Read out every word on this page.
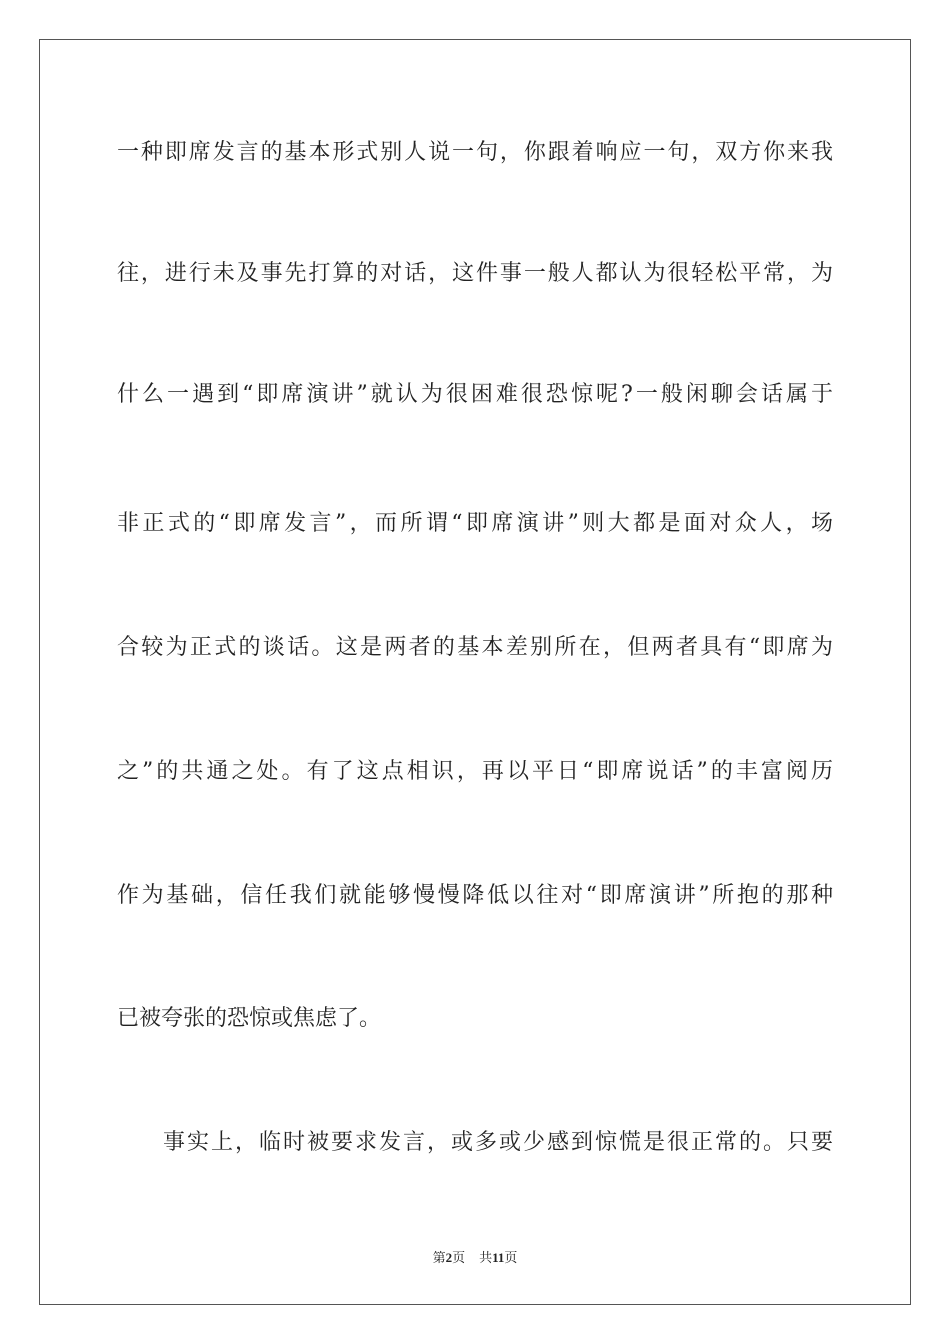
一种即席发言的基本形式别人说一句，你跟着响应一句，双方你来我
往，进行未及事先打算的对话，这件事一般人都认为很轻松平常，为
什么一遇到“即席演讲”就认为很困难很恐惊呢?一般闲聊会话属于
非正式的“即席发言”，而所谓“即席演讲”则大都是面对众人，场
合较为正式的谈话。这是两者的基本差别所在，但两者具有“即席为
之”的共通之处。有了这点相识，再以平日“即席说话”的丰富阅历
作为基础，信任我们就能够慢慢降低以往对“即席演讲”所抱的那种
已被夸张的恐惊或焦虑了。
事实上，临时被要求发言，或多或少感到惊慌是很正常的。只要
第2页 共11页
